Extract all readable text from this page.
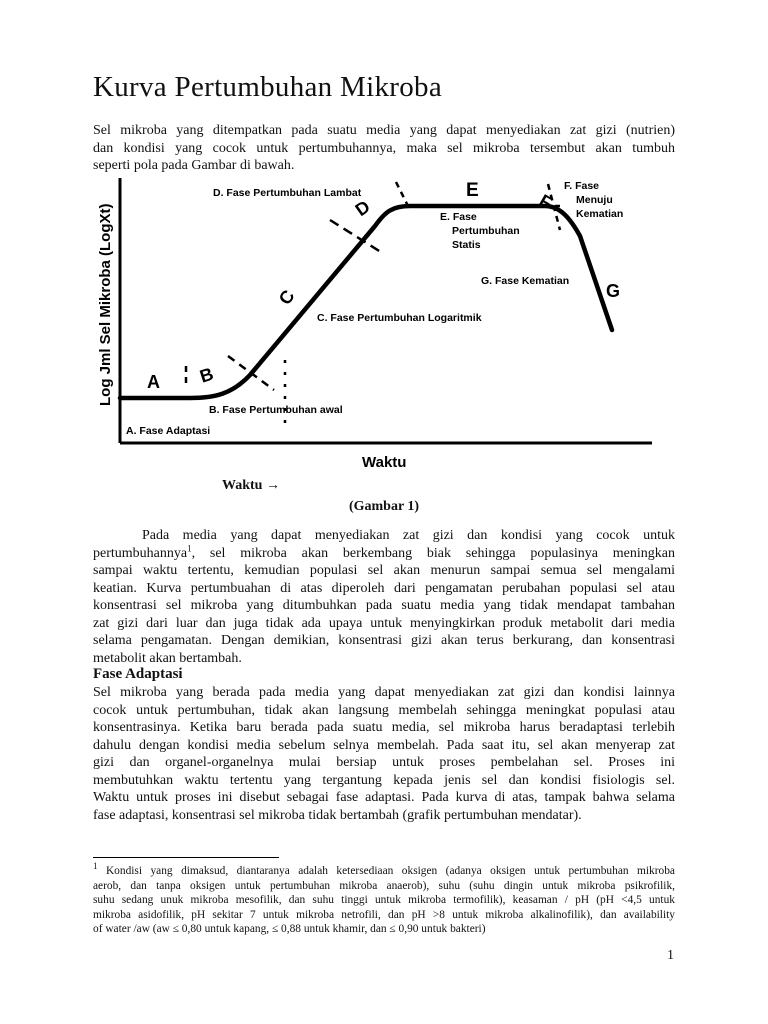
Kurva Pertumbuhan Mikroba
Sel mikroba yang ditempatkan pada suatu media yang dapat menyediakan zat gizi (nutrien)
dan kondisi yang cocok untuk pertumbuhannya, maka sel mikroba tersembut akan tumbuh
seperti pola pada Gambar di bawah.
Log Jml Sel Mikroba (LogXt)
Waktu
A B
C
D
E	F
G
A. Fase Adaptasi
B. Fase Pertumbuhan awal
C. Fase Pertumbuhan Logaritmik
D. Fase Pertumbuhan Lambat
E. Fase
Pertumbuhan
Statis
F. Fase
Menuju
Kematian
G. Fase Kematian
Waktu →
(Gambar 1)
Pada media yang dapat menyediakan zat gizi dan kondisi yang cocok untuk
pertumbuhannya$^1$, sel mikroba akan berkembang biak sehingga populasinya meningkan
sampai waktu tertentu, kemudian populasi sel akan menurun sampai semua sel mengalami
keatian. Kurva pertumbuahan di atas diperoleh dari pengamatan perubahan populasi sel atau
konsentrasi sel mikroba yang ditumbuhkan pada suatu media yang tidak mendapat tambahan
zat gizi dari luar dan juga tidak ada upaya untuk menyingkirkan produk metabolit dari media
selama pengamatan. Dengan demikian, konsentrasi gizi akan terus berkurang, dan konsentrasi
metabolit akan bertambah.
Fase Adaptasi
Sel mikroba yang berada pada media yang dapat menyediakan zat gizi dan kondisi lainnya
cocok untuk pertumbuhan, tidak akan langsung membelah sehingga meningkat populasi atau
konsentrasinya. Ketika baru berada pada suatu media, sel mikroba harus beradaptasi terlebih
dahulu dengan kondisi media sebelum selnya membelah. Pada saat itu, sel akan menyerap zat
gizi dan organel-organelnya mulai bersiap untuk proses pembelahan sel. Proses ini
membutuhkan waktu tertentu yang tergantung kepada jenis sel dan kondisi fisiologis sel.
Waktu untuk proses ini disebut sebagai fase adaptasi. Pada kurva di atas, tampak bahwa selama
fase adaptasi, konsentrasi sel mikroba tidak bertambah (grafik pertumbuhan mendatar).
$^1$ Kondisi yang dimaksud, diantaranya adalah ketersediaan oksigen (adanya oksigen untuk pertumbuhan mikroba
aerob, dan tanpa oksigen untuk pertumbuhan mikroba anaerob), suhu (suhu dingin untuk mikroba psikrofilik,
suhu sedang unuk mikroba mesofilik, dan suhu tinggi untuk mikroba termofilik), keasaman / pH (pH <4,5 untuk
mikroba asidofilik, pH sekitar 7 untuk mikroba netrofili, dan pH >8 untuk mikroba alkalinofilik), dan availability
of water /aw (aw ≤ 0,80 untuk kapang, ≤ 0,88 untuk khamir, dan ≤ 0,90 untuk bakteri)
1
